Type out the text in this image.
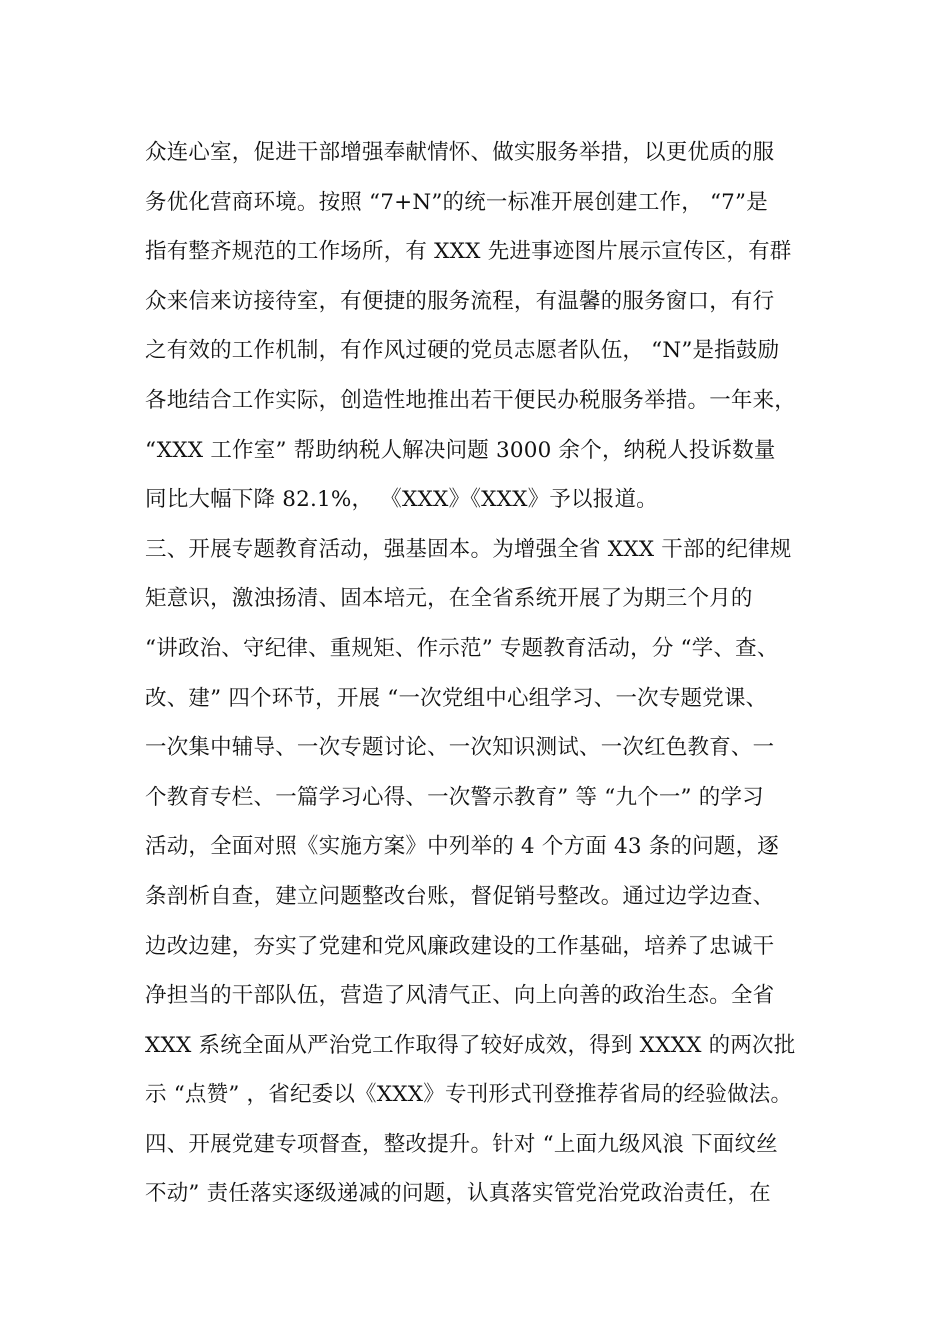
众连心室，促进干部增强奉献情怀、做实服务举措，以更优质的服
务优化营商环境。按照 “7+N”的统一标准开展创建工作， “7”是
指有整齐规范的工作场所，有 XXX 先进事迹图片展示宣传区，有群
众来信来访接待室，有便捷的服务流程，有温馨的服务窗口，有行
之有效的工作机制，有作风过硬的党员志愿者队伍， “N”是指鼓励
各地结合工作实际，创造性地推出若干便民办税服务举措。一年来，
“XXX 工作室” 帮助纳税人解决问题 3000 余个，纳税人投诉数量
同比大幅下降 82.1%， 《XXX》《XXX》予以报道。
三、开展专题教育活动，强基固本。为增强全省 XXX 干部的纪律规
矩意识，激浊扬清、固本培元，在全省系统开展了为期三个月的
“讲政治、守纪律、重规矩、作示范” 专题教育活动，分 “学、查、
改、建” 四个环节，开展 “一次党组中心组学习、一次专题党课、
一次集中辅导、一次专题讨论、一次知识测试、一次红色教育、一
个教育专栏、一篇学习心得、一次警示教育” 等 “九个一” 的学习
活动，全面对照《实施方案》中列举的 4 个方面 43 条的问题，逐
条剖析自查，建立问题整改台账，督促销号整改。通过边学边查、
边改边建，夯实了党建和党风廉政建设的工作基础，培养了忠诚干
净担当的干部队伍，营造了风清气正、向上向善的政治生态。全省
XXX 系统全面从严治党工作取得了较好成效，得到 XXXX 的两次批
示 “点赞” ，省纪委以《XXX》专刊形式刊登推荐省局的经验做法。
四、开展党建专项督查，整改提升。针对 “上面九级风浪 下面纹丝
不动” 责任落实逐级递减的问题，认真落实管党治党政治责任，在
